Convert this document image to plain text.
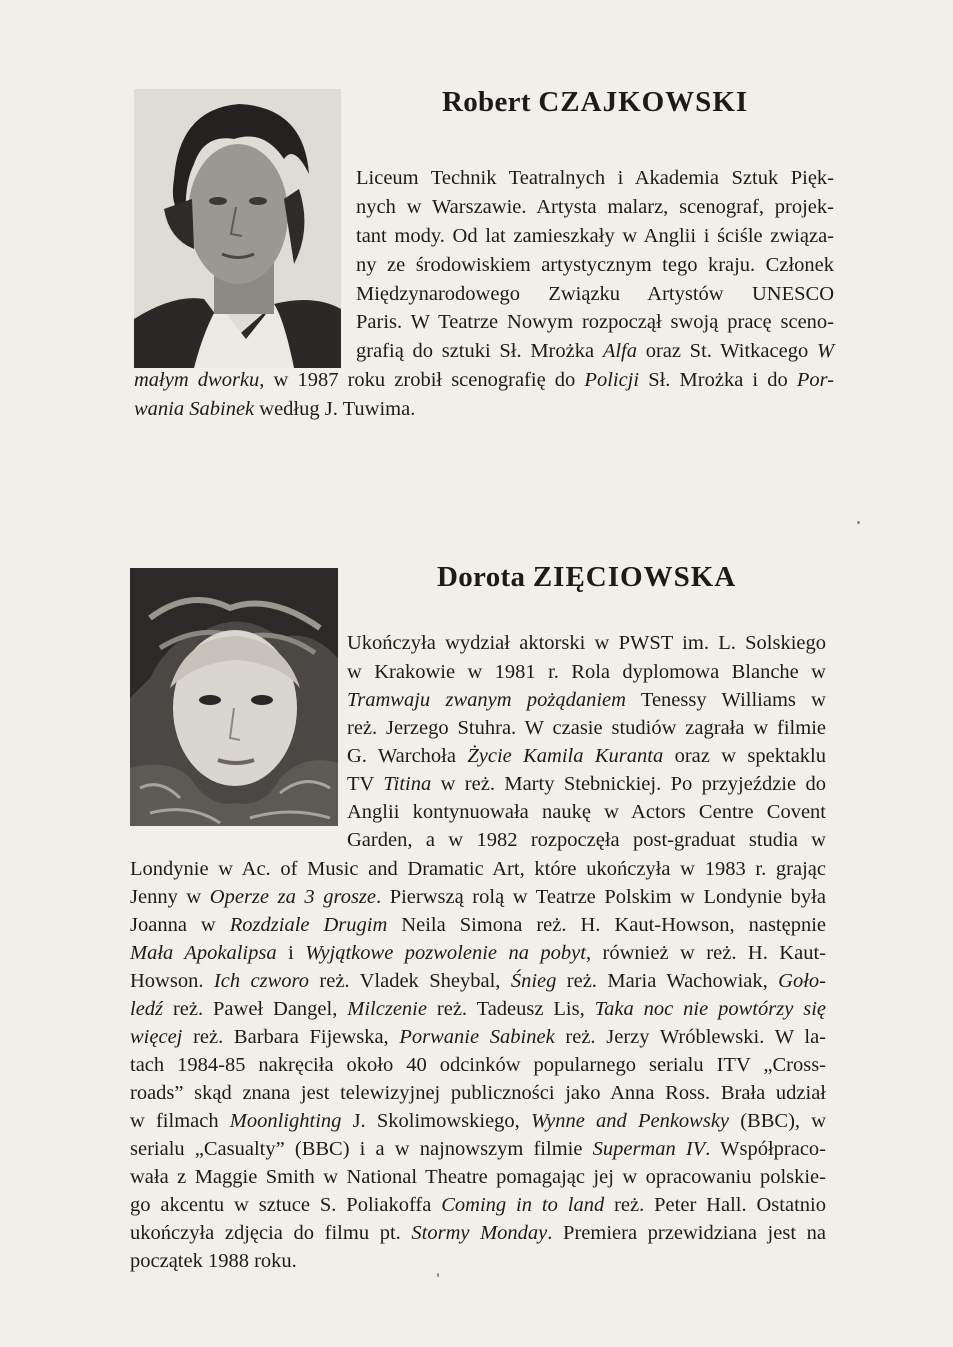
Robert CZAJKOWSKI

Liceum Technik Teatralnych i Akademia Sztuk Pięk-

nych w Warszawie. Artysta malarz, scenograf, projek-

tant mody. Od lat zamieszkały w Anglii i ściśle związa-

ny ze środowiskiem artystycznym tego kraju. Członek

Międzynarodowego Związku Artystów UNESCO

Paris. W Teatrze Nowym rozpoczął swoją pracę sceno-

grafią do sztuki Sł. Mrożka Alfa oraz St. Witkacego W

małym dworku, w 1987 roku zrobił scenografię do Policji Sł. Mrożka i do Por-

wania Sabinek według J. Tuwima.

Dorota ZIĘCIOWSKA

Ukończyła wydział aktorski w PWST im. L. Solskiego

w Krakowie w 1981 r. Rola dyplomowa Blanche w

Tramwaju zwanym pożądaniem Tenessy Williams w

reż. Jerzego Stuhra. W czasie studiów zagrała w filmie

G. Warchoła Życie Kamila Kuranta oraz w spektaklu

TV Titina w reż. Marty Stebnickiej. Po przyjeździe do

Anglii kontynuowała naukę w Actors Centre Covent

Garden, a w 1982 rozpoczęła post-graduat studia w

Londynie w Ac. of Music and Dramatic Art, które ukończyła w 1983 r. grając

Jenny w Operze za 3 grosze. Pierwszą rolą w Teatrze Polskim w Londynie była

Joanna w Rozdziale Drugim Neila Simona reż. H. Kaut-Howson, następnie

Mała Apokalipsa i Wyjątkowe pozwolenie na pobyt, również w reż. H. Kaut-

Howson. Ich czworo reż. Vladek Sheybal, Śnieg reż. Maria Wachowiak, Goło-

ledź reż. Paweł Dangel, Milczenie reż. Tadeusz Lis, Taka noc nie powtórzy się

więcej reż. Barbara Fijewska, Porwanie Sabinek reż. Jerzy Wróblewski. W la-

tach 1984-85 nakręciła około 40 odcinków popularnego serialu ITV „Cross-

roads” skąd znana jest telewizyjnej publiczności jako Anna Ross. Brała udział

w filmach Moonlighting J. Skolimowskiego, Wynne and Penkowsky (BBC), w

serialu „Casualty” (BBC) i a w najnowszym filmie Superman IV. Współpraco-

wała z Maggie Smith w National Theatre pomagając jej w opracowaniu polskie-

go akcentu w sztuce S. Poliakoffa Coming in to land reż. Peter Hall. Ostatnio

ukończyła zdjęcia do filmu pt. Stormy Monday. Premiera przewidziana jest na

początek 1988 roku.
